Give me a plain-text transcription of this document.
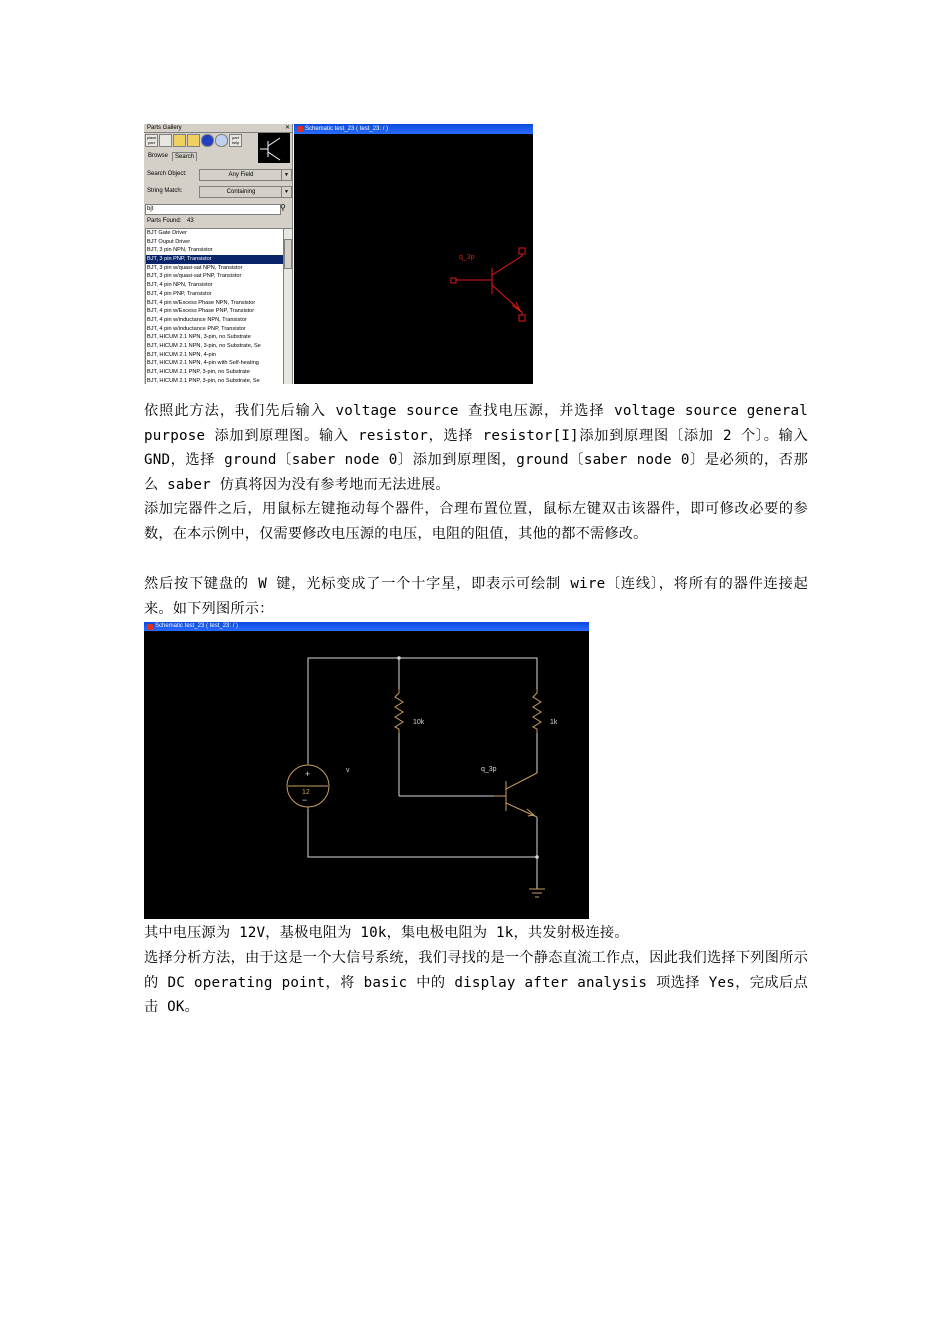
Parts Gallery	✕
place part
part help
Browse	Search
Search Object:	Any Field	▼
String Match:	Containing	▼
bjt	⚲
Parts Found: 43
BJT Gate Driver
BJT Ouput Driver
BJT, 3 pin NPN, Transistor
BJT, 3 pin PNP, Transistor
BJT, 3 pin w/quasi-sat NPN, Transistor
BJT, 3 pin w/quasi-sat PNP, Transistor
BJT, 4 pin NPN, Transistor
BJT, 4 pin PNP, Transistor
BJT, 4 pin w/Excess Phase NPN, Transistor
BJT, 4 pin w/Excess Phase PNP, Transistor
BJT, 4 pin w/inductance NPN, Transistor
BJT, 4 pin w/inductance PNP, Transistor
BJT, HICUM 2.1 NPN, 3-pin, no Substrate
BJT, HICUM 2.1 NPN, 3-pin, no Substrate, Se
BJT, HICUM 2.1 NPN, 4-pin
BJT, HICUM 2.1 NPN, 4-pin with Self-heating
BJT, HICUM 2.1 PNP, 3-pin, no Substrate
BJT, HICUM 2.1 PNP, 3-pin, no Substrate, Se
Schematic test_23 ( test_23: / )
q_3p
依照此方法，我们先后输入 voltage source 查找电压源，并选择 voltage source general purpose 添加到原理图。输入 resistor，选择 resistor[I]添加到原理图〔添加 2 个〕。输入 GND，选择 ground〔saber node 0〕添加到原理图，ground〔saber node 0〕是必须的，否那么 saber 仿真将因为没有参考地而无法进展。
添加完器件之后，用鼠标左键拖动每个器件，合理布置位置，鼠标左键双击该器件，即可修改必要的参数，在本示例中，仅需要修改电压源的电压，电阻的阻值，其他的都不需修改。
然后按下键盘的 W 键，光标变成了一个十字星，即表示可绘制 wire〔连线〕，将所有的器件连接起来。如下列图所示：
Schematic test_23 ( test_23: / )
+
−
12
v
10k	1k
q_3p
其中电压源为 12V，基极电阻为 10k，集电极电阻为 1k，共发射极连接。
选择分析方法，由于这是一个大信号系统，我们寻找的是一个静态直流工作点，因此我们选择下列图所示的 DC operating point，将 basic 中的 display after analysis 项选择 Yes，完成后点击 OK。
